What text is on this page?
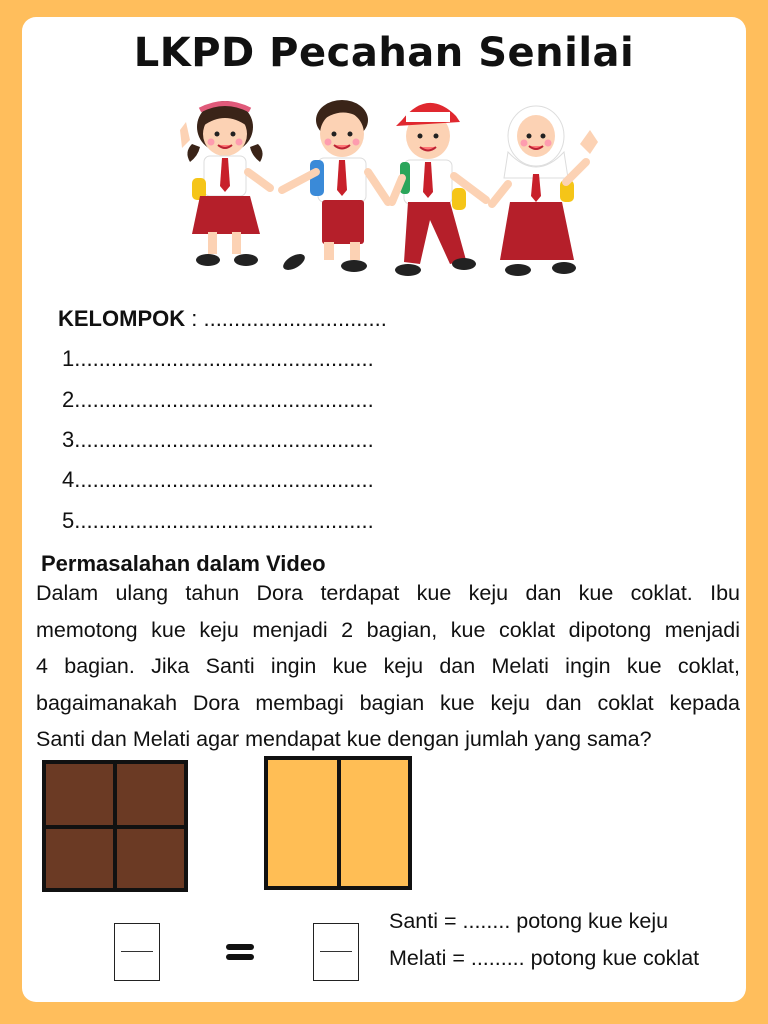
LKPD Pecahan Senilai
KELOMPOK : ..............................
1.................................................
2.................................................
3.................................................
4.................................................
5.................................................
Permasalahan dalam Video
Dalam ulang tahun Dora terdapat kue keju dan kue coklat. Ibu
memotong kue keju menjadi 2 bagian, kue coklat dipotong menjadi
4 bagian. Jika Santi ingin kue keju dan Melati ingin kue coklat,
bagaimanakah Dora membagi bagian kue keju dan coklat kepada
Santi dan Melati agar mendapat kue dengan jumlah yang sama?
Santi = ........ potong kue keju
Melati = ......... potong kue coklat
